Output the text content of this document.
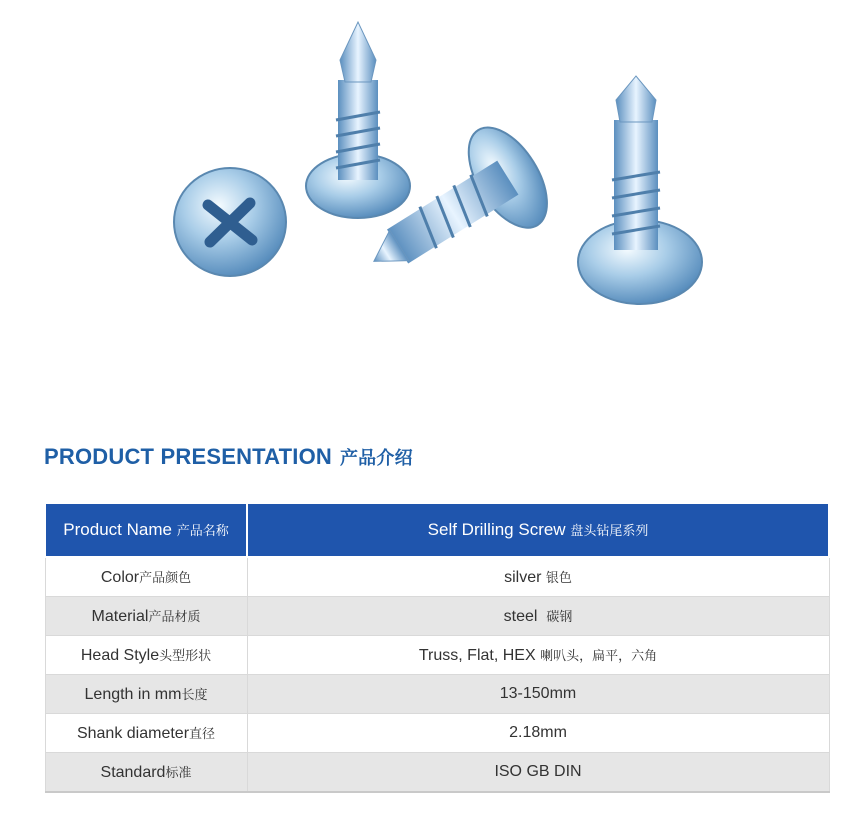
PRODUCT PRESENTATION 产品介绍
Product Name 产品名称	Self Drilling Screw 盘头钻尾系列
Color产品颜色	silver 银色
Material产品材质	steel 碳钢
Head Style头型形状	Truss, Flat, HEX 喇叭头，扁平，六角
Length in mm长度	13-150mm
Shank diameter直径	2.18mm
Standard标准	ISO GB DIN
